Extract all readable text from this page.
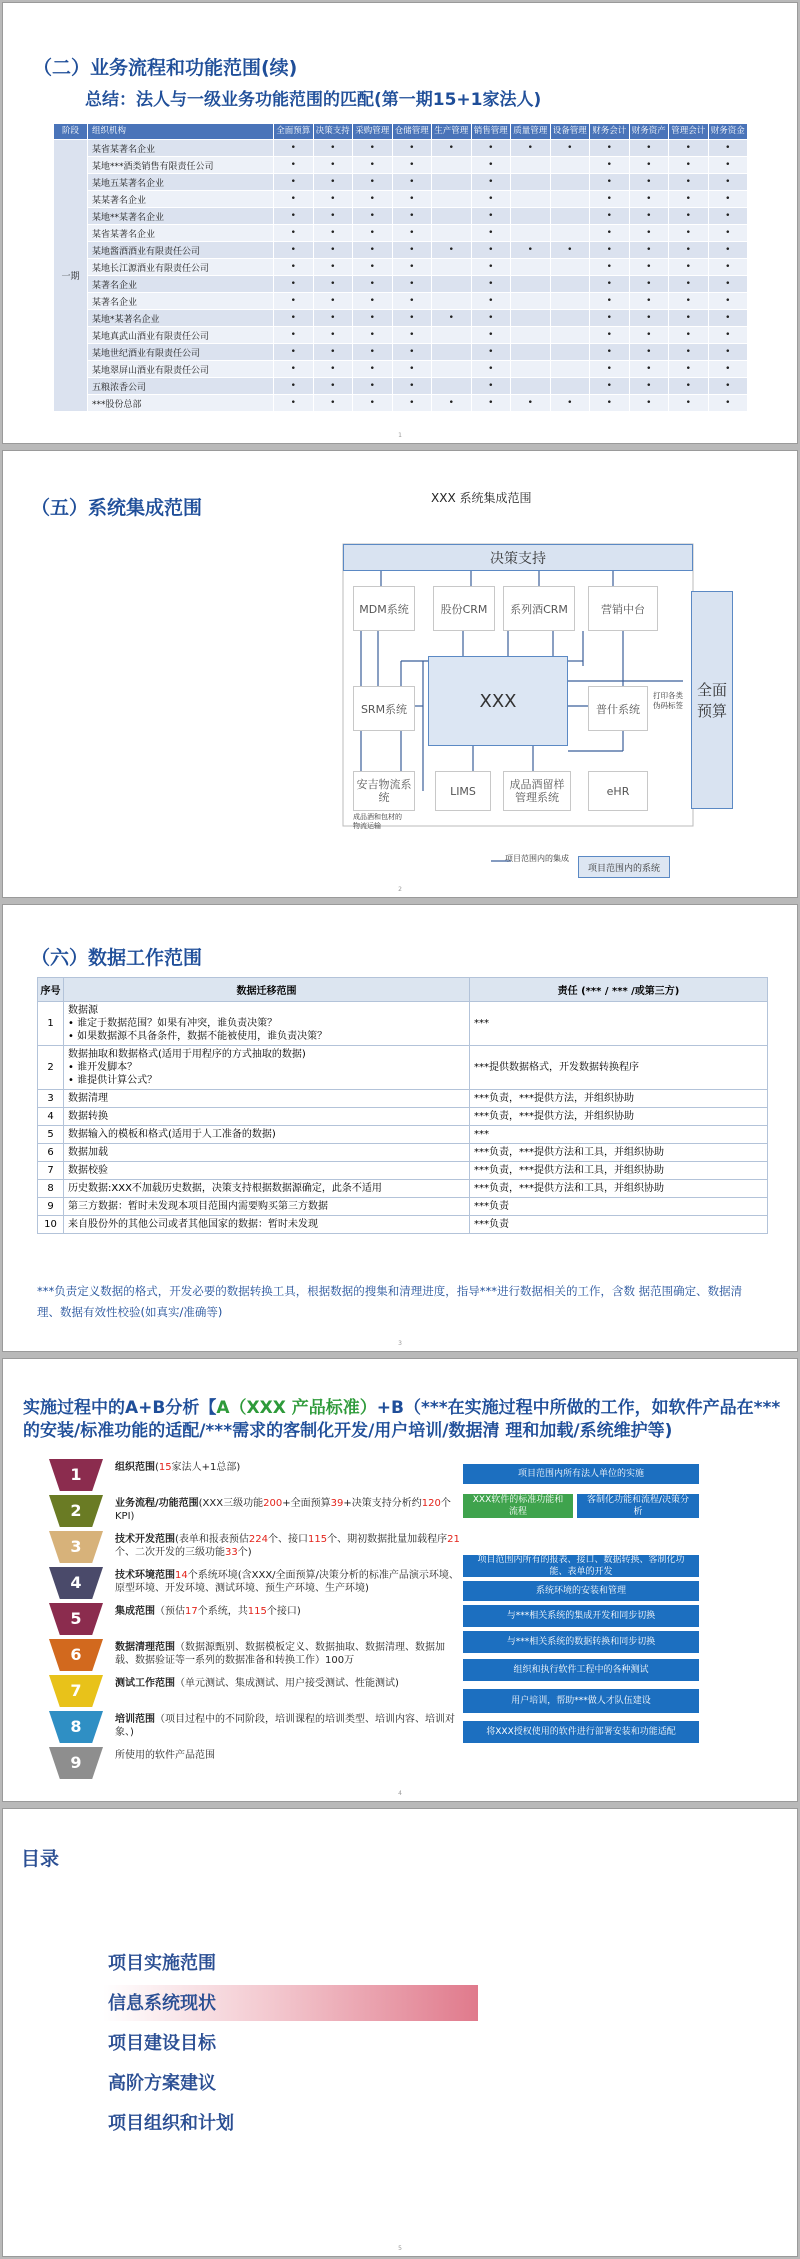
（二）业务流程和功能范围(续)
总结：法人与一级业务功能范围的匹配(第一期15+1家法人)
阶段	组织机构	全面预算	决策支持	采购管理	仓储管理	生产管理	销售管理	质量管理	设备管理	财务会计	财务资产	管理会计	财务资金
一期	某省某著名企业	•	•	•	•	•	•	•	•	•	•	•	•
	某地***酒类销售有限责任公司	•	•	•	•		•			•	•	•	•
	某地五某著名企业	•	•	•	•		•			•	•	•	•
	某某著名企业	•	•	•	•		•			•	•	•	•
	某地**某著名企业	•	•	•	•		•			•	•	•	•
	某省某著名企业	•	•	•	•		•			•	•	•	•
	某地酱酒酒业有限责任公司	•	•	•	•	•	•	•	•	•	•	•	•
	某地长江源酒业有限责任公司	•	•	•	•		•			•	•	•	•
	某著名企业	•	•	•	•		•			•	•	•	•
	某著名企业	•	•	•	•		•			•	•	•	•
	某地*某著名企业	•	•	•	•	•	•			•	•	•	•
	某地真武山酒业有限责任公司	•	•	•	•		•			•	•	•	•
	某地世纪酒业有限责任公司	•	•	•	•		•			•	•	•	•
	某地翠屏山酒业有限责任公司	•	•	•	•		•			•	•	•	•
	五粮浓香公司	•	•	•	•		•			•	•	•	•
	***股份总部	•	•	•	•	•	•	•	•	•	•	•	•
1
（五）系统集成范围

			XXX 系统集成范围
决策支持
MDM系统	股份CRM	系列酒CRM	营销中台
SRM系统	XXX	普什系统
打印各类
伪码标签
全面
预算
安吉物流系
统	LIMS	成品酒留样
管理系统	eHR
成品酒和包材的
物流运输
项目范围内的集成
项目范围内的系统
2
（六）数据工作范围
序号	数据迁移范围	责任 (*** / *** /或第三方)
1	数据源
• 谁定于数据范围？如果有冲突，谁负责决策？
• 如果数据源不具备条件，数据不能被使用，谁负责决策？	***
2	数据抽取和数据格式(适用于用程序的方式抽取的数据)
• 谁开发脚本？
• 谁提供计算公式？	***提供数据格式，开发数据转换程序
3	数据清理	***负责，***提供方法，并组织协助
4	数据转换	***负责，***提供方法，并组织协助
5	数据输入的模板和格式(适用于人工准备的数据)	***
6	数据加载	***负责，***提供方法和工具，并组织协助
7	数据校验	***负责，***提供方法和工具，并组织协助
8	历史数据:XXX不加载历史数据，决策支持根据数据源确定，此条不适用	***负责，***提供方法和工具，并组织协助
9	第三方数据：暂时未发现本项目范围内需要购买第三方数据	***负责
10	来自股份外的其他公司或者其他国家的数据：暂时未发现	***负责
***负责定义数据的格式，开发必要的数据转换工具，根据数据的搜集和清理进度，指导***进行数据相关的工作，含数 据范围确定、数据清理、数据有效性校验(如真实/准确等)
3
实施过程中的A+B分析【A（XXX 产品标准）+B（***在实施过程中所做的工作，如软件产品在***的安装/标准功能的适配/***需求的客制化开发/用户培训/数据清 理和加载/系统维护等)
1	组织范围(15家法人+1总部)
2	业务流程/功能范围(XXX三级功能200+全面预算39+决策支持分析约120个KPI)
3	技术开发范围(表单和报表预估224个、接口115个、期初数据批量加载程序21个、二次开发的三级功能33个)
4	技术环境范围14个系统环境(含XXX/全面预算/决策分析的标准产品演示环境、原型环境、开发环境、测试环境、预生产环境、生产环境)
5	集成范围（预估17个系统，共115个接口)
6	数据清理范围（数据源甄别、数据模板定义、数据抽取、数据清理、数据加载、数据验证等一系列的数据准备和转换工作）100万
7	测试工作范围（单元测试、集成测试、用户接受测试、性能测试)
8	培训范围（项目过程中的不同阶段，培训课程的培训类型、培训内容、培训对象、)
9	所使用的软件产品范围
项目范围内所有法人单位的实施
XXX软件的标准功能和流程
客制化功能和流程/决策分析
项目范围内所有的报表、接口、数据转换、客制化功能、表单的开发
系统环境的安装和管理
与***相关系统的集成开发和同步切换
与***相关系统的数据转换和同步切换
组织和执行软件工程中的各种测试
用户培训，帮助***做人才队伍建设
将XXX授权使用的软件进行部署安装和功能适配
4
目录
项目实施范围
信息系统现状
项目建设目标
高阶方案建议
项目组织和计划
5
